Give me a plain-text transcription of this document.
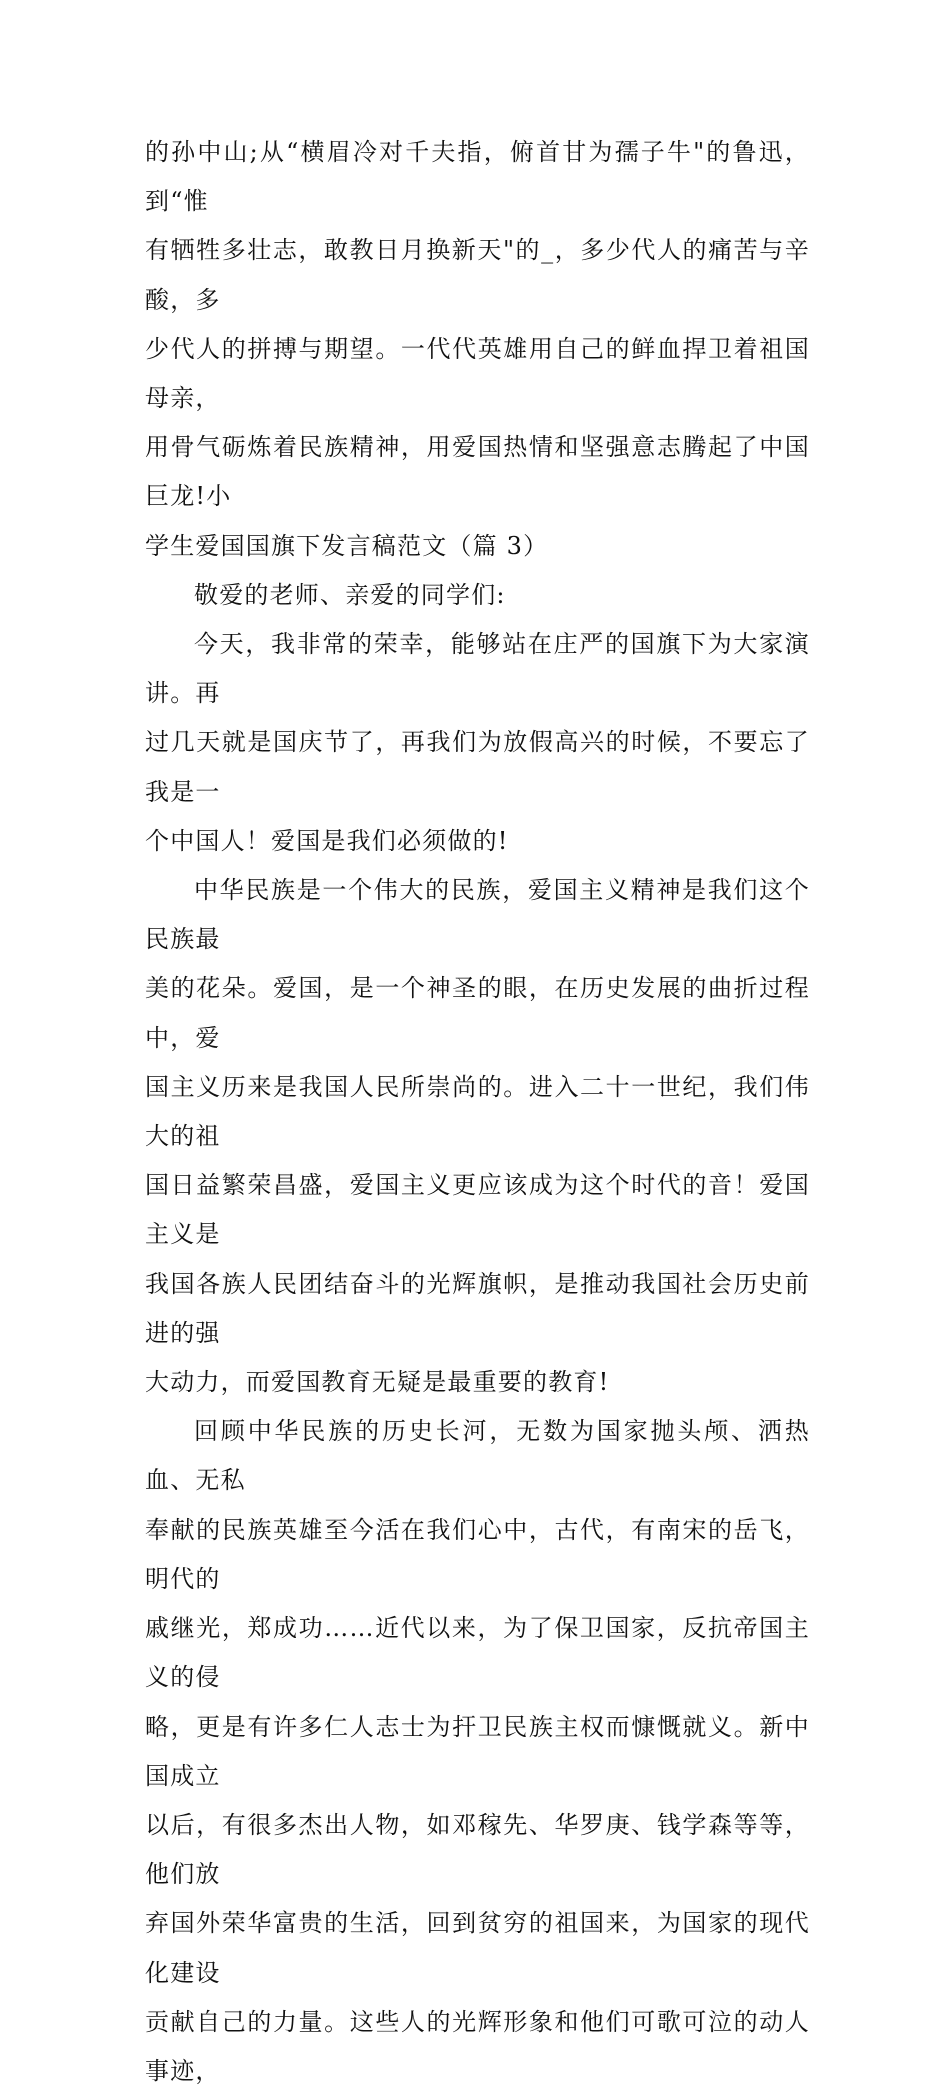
的孙中山;从“横眉冷对千夫指，俯首甘为孺子牛"的鲁迅，到“惟
有牺牲多壮志，敢教日月换新天"的_，多少代人的痛苦与辛酸，多
少代人的拼搏与期望。一代代英雄用自己的鲜血捍卫着祖国母亲，
用骨气砺炼着民族精神，用爱国热情和坚强意志腾起了中国巨龙!小
学生爱国国旗下发言稿范文（篇 3）

敬爱的老师、亲爱的同学们:

今天，我非常的荣幸，能够站在庄严的国旗下为大家演讲。再
过几天就是国庆节了，再我们为放假高兴的时候，不要忘了我是一
个中国人！爱国是我们必须做的!

中华民族是一个伟大的民族，爱国主义精神是我们这个民族最
美的花朵。爱国，是一个神圣的眼，在历史发展的曲折过程中，爱
国主义历来是我国人民所崇尚的。进入二十一世纪，我们伟大的祖
国日益繁荣昌盛，爱国主义更应该成为这个时代的音！爱国主义是
我国各族人民团结奋斗的光辉旗帜，是推动我国社会历史前进的强
大动力，而爱国教育无疑是最重要的教育!

回顾中华民族的历史长河，无数为国家抛头颅、洒热血、无私
奉献的民族英雄至今活在我们心中，古代，有南宋的岳飞，明代的
戚继光，郑成功……近代以来，为了保卫国家，反抗帝国主义的侵
略，更是有许多仁人志士为扞卫民族主权而慷慨就义。新中国成立
以后，有很多杰出人物，如邓稼先、华罗庚、钱学森等等，他们放
弃国外荣华富贵的生活，回到贫穷的祖国来，为国家的现代化建设
贡献自己的力量。这些人的光辉形象和他们可歌可泣的动人事迹，
